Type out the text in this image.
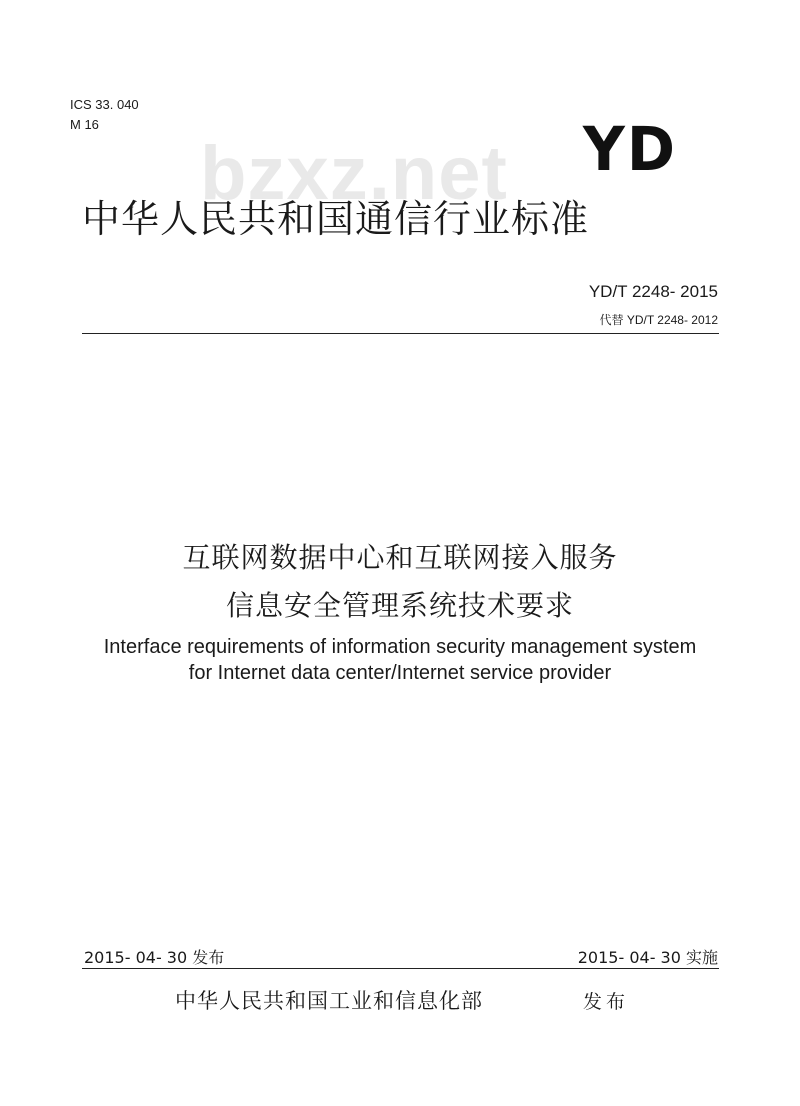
ICS 33. 040
M 16
bzxz.net YD
中华人民共和国通信行业标准
YD/T 2248- 2015
代替 YD/T 2248- 2012
互联网数据中心和互联网接入服务
信息安全管理系统技术要求
Interface requirements of information security management system
for Internet data center/Internet service provider
2015- 04- 30 发布	2015- 04- 30 实施
中华人民共和国工业和信息化部	发布
